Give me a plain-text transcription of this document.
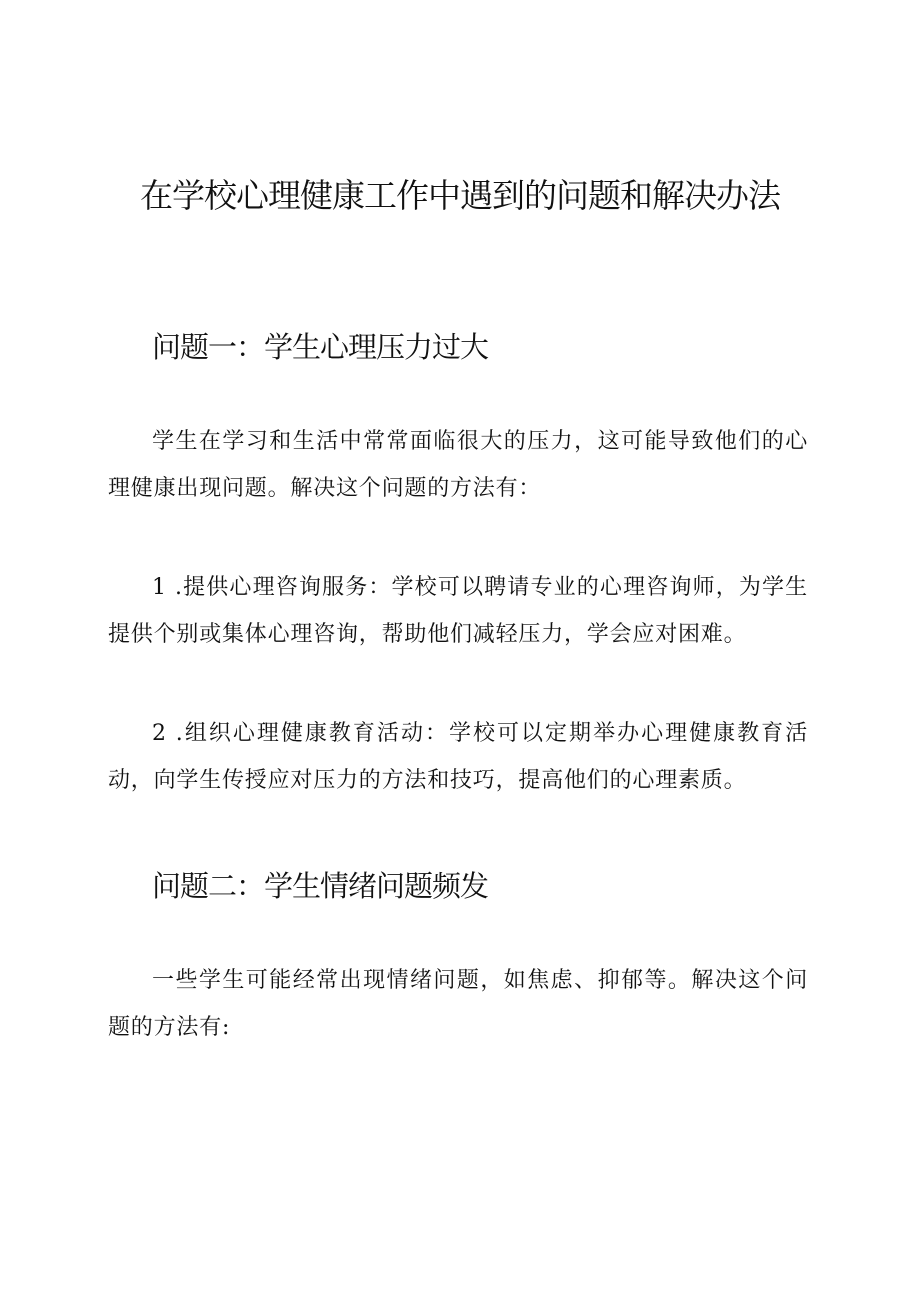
在学校心理健康工作中遇到的问题和解决办法
问题一：学生心理压力过大

学生在学习和生活中常常面临很大的压力，这可能导致他们的心理健康出现问题。解决这个问题的方法有：

1 .提供心理咨询服务：学校可以聘请专业的心理咨询师，为学生提供个别或集体心理咨询，帮助他们减轻压力，学会应对困难。

2 .组织心理健康教育活动：学校可以定期举办心理健康教育活动，向学生传授应对压力的方法和技巧，提高他们的心理素质。

问题二：学生情绪问题频发

一些学生可能经常出现情绪问题，如焦虑、抑郁等。解决这个问题的方法有:
